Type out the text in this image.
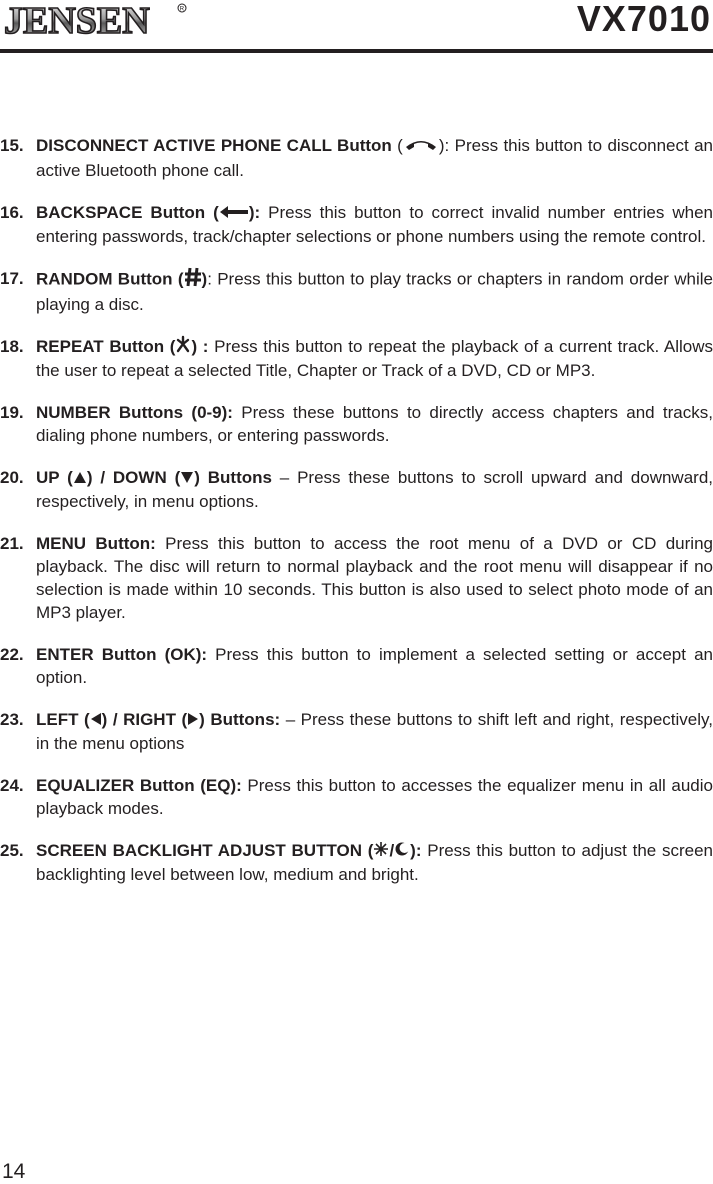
JENSEN	R	VX7010
15. DISCONNECT ACTIVE PHONE CALL Button ( ): Press this button to disconnect an active Bluetooth phone call.
16. BACKSPACE Button ( ): Press this button to correct invalid number entries when entering passwords, track/chapter selections or phone numbers using the remote control.
17. RANDOM Button ( ): Press this button to play tracks or chapters in random order while playing a disc.
18. REPEAT Button ( ) : Press this button to repeat the playback of a current track. Allows the user to repeat a selected Title, Chapter or Track of a DVD, CD or MP3.
19. NUMBER Buttons (0-9): Press these buttons to directly access chapters and tracks, dialing phone numbers, or entering passwords.
20. UP ( ) / DOWN ( ) Buttons – Press these buttons to scroll upward and downward, respectively, in menu options.
21. MENU Button: Press this button to access the root menu of a DVD or CD during playback. The disc will return to normal playback and the root menu will disappear if no selection is made within 10 seconds. This button is also used to select photo mode of an MP3 player.
22. ENTER Button (OK): Press this button to implement a selected setting or accept an option.
23. LEFT ( ) / RIGHT ( ) Buttons: – Press these buttons to shift left and right, respectively, in the menu options
24. EQUALIZER Button (EQ): Press this button to accesses the equalizer menu in all audio playback modes.
25. SCREEN BACKLIGHT ADJUST BUTTON ( / ): Press this button to adjust the screen backlighting level between low, medium and bright.
14
